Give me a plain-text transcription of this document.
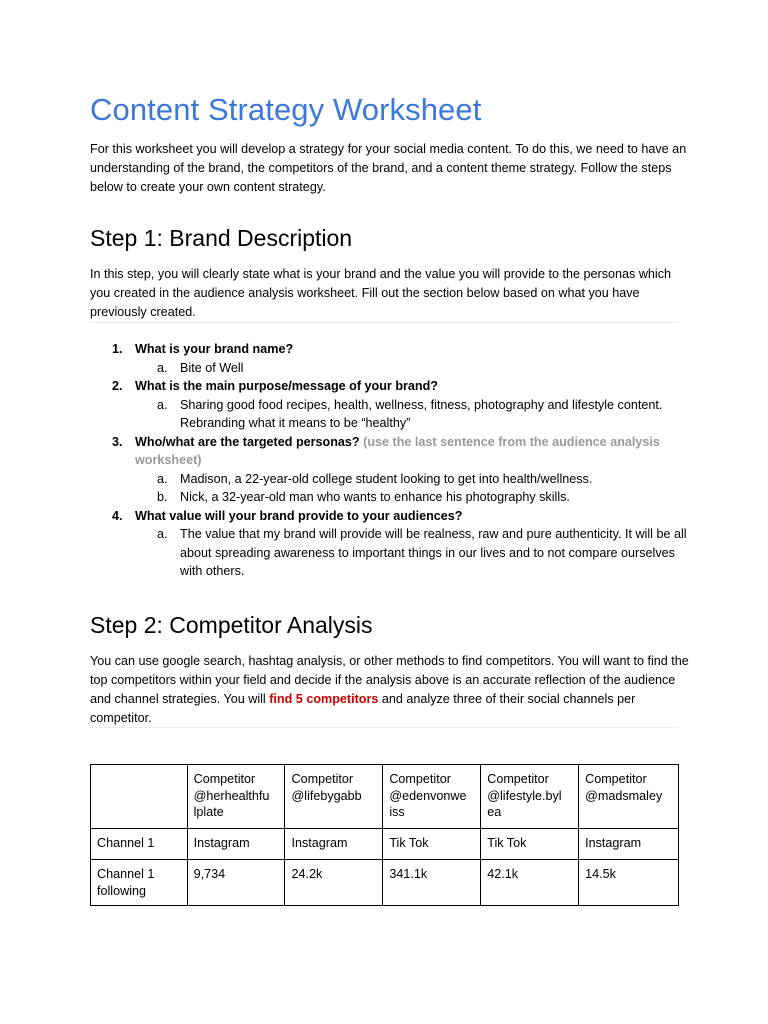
Content Strategy Worksheet

For this worksheet you will develop a strategy for your social media content. To do this, we need to have an understanding of the brand, the competitors of the brand, and a content theme strategy. Follow the steps below to create your own content strategy.

Step 1: Brand Description

In this step, you will clearly state what is your brand and the value you will provide to the personas which you created in the audience analysis worksheet. Fill out the section below based on what you have previously created.

1. What is your brand name?
a. Bite of Well
2. What is the main purpose/message of your brand?
a. Sharing good food recipes, health, wellness, fitness, photography and lifestyle content. Rebranding what it means to be “healthy”
3. Who/what are the targeted personas? (use the last sentence from the audience analysis worksheet)
a. Madison, a 22-year-old college student looking to get into health/wellness.
b. Nick, a 32-year-old man who wants to enhance his photography skills.
4. What value will your brand provide to your audiences?
a. The value that my brand will provide will be realness, raw and pure authenticity. It will be all about spreading awareness to important things in our lives and to not compare ourselves with others.
Step 2: Competitor Analysis

You can use google search, hashtag analysis, or other methods to find competitors. You will want to find the top competitors within your field and decide if the analysis above is an accurate reflection of the audience and channel strategies. You will find 5 competitors and analyze three of their social channels per competitor.

	Competitor @herhealthfu lplate	Competitor @lifebygabb	Competitor @edenvonwe iss	Competitor @lifestyle.byl ea	Competitor @madsmaley
Channel 1	Instagram	Instagram	Tik Tok	Tik Tok	Instagram
Channel 1 following	9,734	24.2k	341.1k	42.1k	14.5k
